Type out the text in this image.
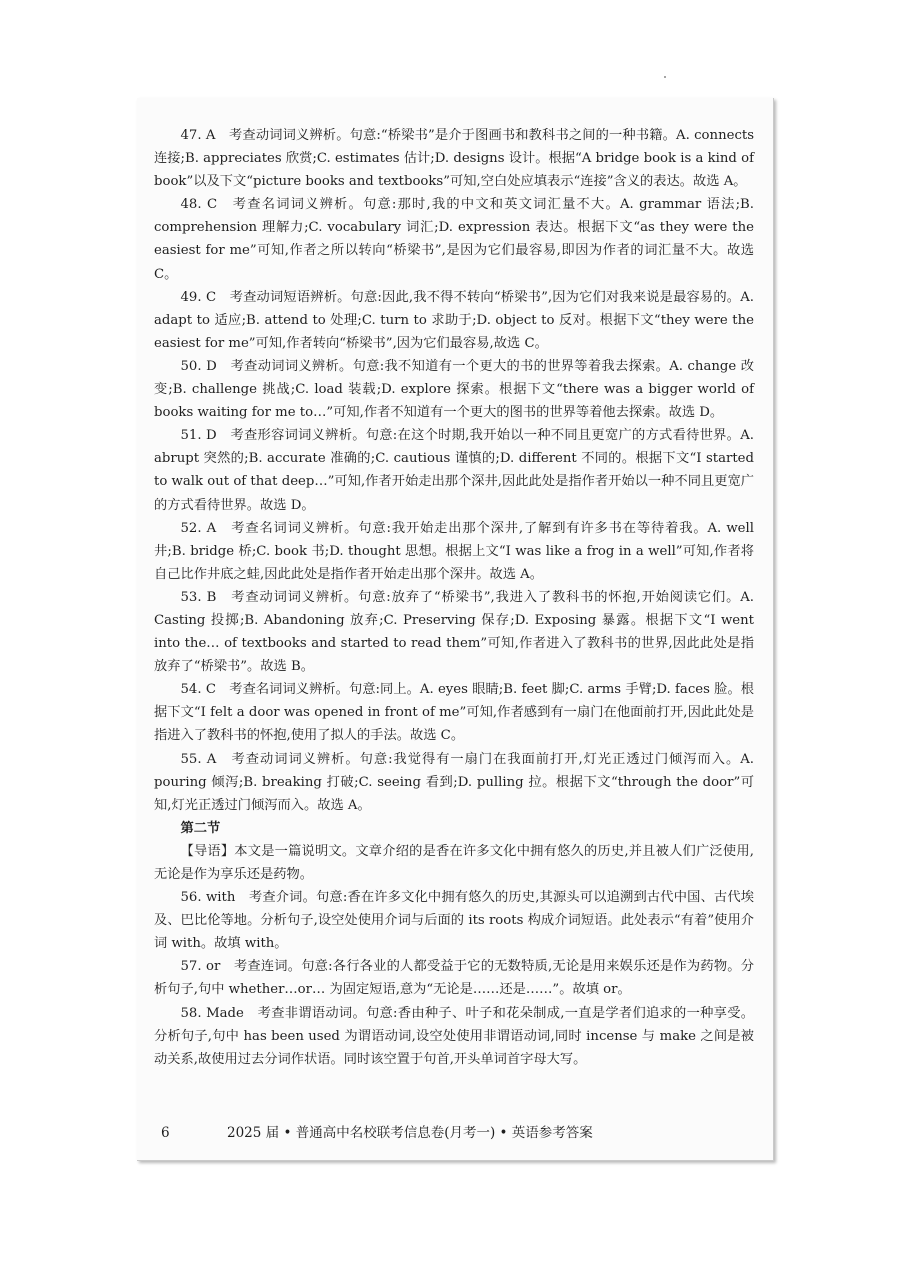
47. A　考查动词词义辨析。句意:“桥梁书”是介于图画书和教科书之间的一种书籍。A. connects 连接;B. appreciates 欣赏;C. estimates 估计;D. designs 设计。根据“A bridge book is a kind of book”以及下文“picture books and textbooks”可知,空白处应填表示“连接”含义的表达。故选 A。

48. C　考查名词词义辨析。句意:那时,我的中文和英文词汇量不大。A. grammar 语法;B. comprehension 理解力;C. vocabulary 词汇;D. expression 表达。根据下文“as they were the easiest for me”可知,作者之所以转向“桥梁书”,是因为它们最容易,即因为作者的词汇量不大。故选 C。

49. C　考查动词短语辨析。句意:因此,我不得不转向“桥梁书”,因为它们对我来说是最容易的。A. adapt to 适应;B. attend to 处理;C. turn to 求助于;D. object to 反对。根据下文“they were the easiest for me”可知,作者转向“桥梁书”,因为它们最容易,故选 C。

50. D　考查动词词义辨析。句意:我不知道有一个更大的书的世界等着我去探索。A. change 改变;B. challenge 挑战;C. load 装载;D. explore 探索。根据下文“there was a bigger world of books waiting for me to…”可知,作者不知道有一个更大的图书的世界等着他去探索。故选 D。

51. D　考查形容词词义辨析。句意:在这个时期,我开始以一种不同且更宽广的方式看待世界。A. abrupt 突然的;B. accurate 准确的;C. cautious 谨慎的;D. different 不同的。根据下文“I started to walk out of that deep…”可知,作者开始走出那个深井,因此此处是指作者开始以一种不同且更宽广的方式看待世界。故选 D。

52. A　考查名词词义辨析。句意:我开始走出那个深井,了解到有许多书在等待着我。A. well 井;B. bridge 桥;C. book 书;D. thought 思想。根据上文“I was like a frog in a well”可知,作者将自己比作井底之蛙,因此此处是指作者开始走出那个深井。故选 A。

53. B　考查动词词义辨析。句意:放弃了“桥梁书”,我进入了教科书的怀抱,开始阅读它们。A. Casting 投掷;B. Abandoning 放弃;C. Preserving 保存;D. Exposing 暴露。根据下文“I went into the… of textbooks and started to read them”可知,作者进入了教科书的世界,因此此处是指放弃了“桥梁书”。故选 B。

54. C　考查名词词义辨析。句意:同上。A. eyes 眼睛;B. feet 脚;C. arms 手臂;D. faces 脸。根据下文“I felt a door was opened in front of me”可知,作者感到有一扇门在他面前打开,因此此处是指进入了教科书的怀抱,使用了拟人的手法。故选 C。

55. A　考查动词词义辨析。句意:我觉得有一扇门在我面前打开,灯光正透过门倾泻而入。A. pouring 倾泻;B. breaking 打破;C. seeing 看到;D. pulling 拉。根据下文“through the door”可知,灯光正透过门倾泻而入。故选 A。

第二节

【导语】本文是一篇说明文。文章介绍的是香在许多文化中拥有悠久的历史,并且被人们广泛使用,无论是作为享乐还是药物。

56. with　考查介词。句意:香在许多文化中拥有悠久的历史,其源头可以追溯到古代中国、古代埃及、巴比伦等地。分析句子,设空处使用介词与后面的 its roots 构成介词短语。此处表示“有着”使用介词 with。故填 with。

57. or　考查连词。句意:各行各业的人都受益于它的无数特质,无论是用来娱乐还是作为药物。分析句子,句中 whether…or… 为固定短语,意为“无论是……还是……”。故填 or。

58. Made　考查非谓语动词。句意:香由种子、叶子和花朵制成,一直是学者们追求的一种享受。分析句子,句中 has been used 为谓语动词,设空处使用非谓语动词,同时 incense 与 make 之间是被动关系,故使用过去分词作状语。同时该空置于句首,开头单词首字母大写。

6	2025 届 • 普通高中名校联考信息卷(月考一) • 英语参考答案
